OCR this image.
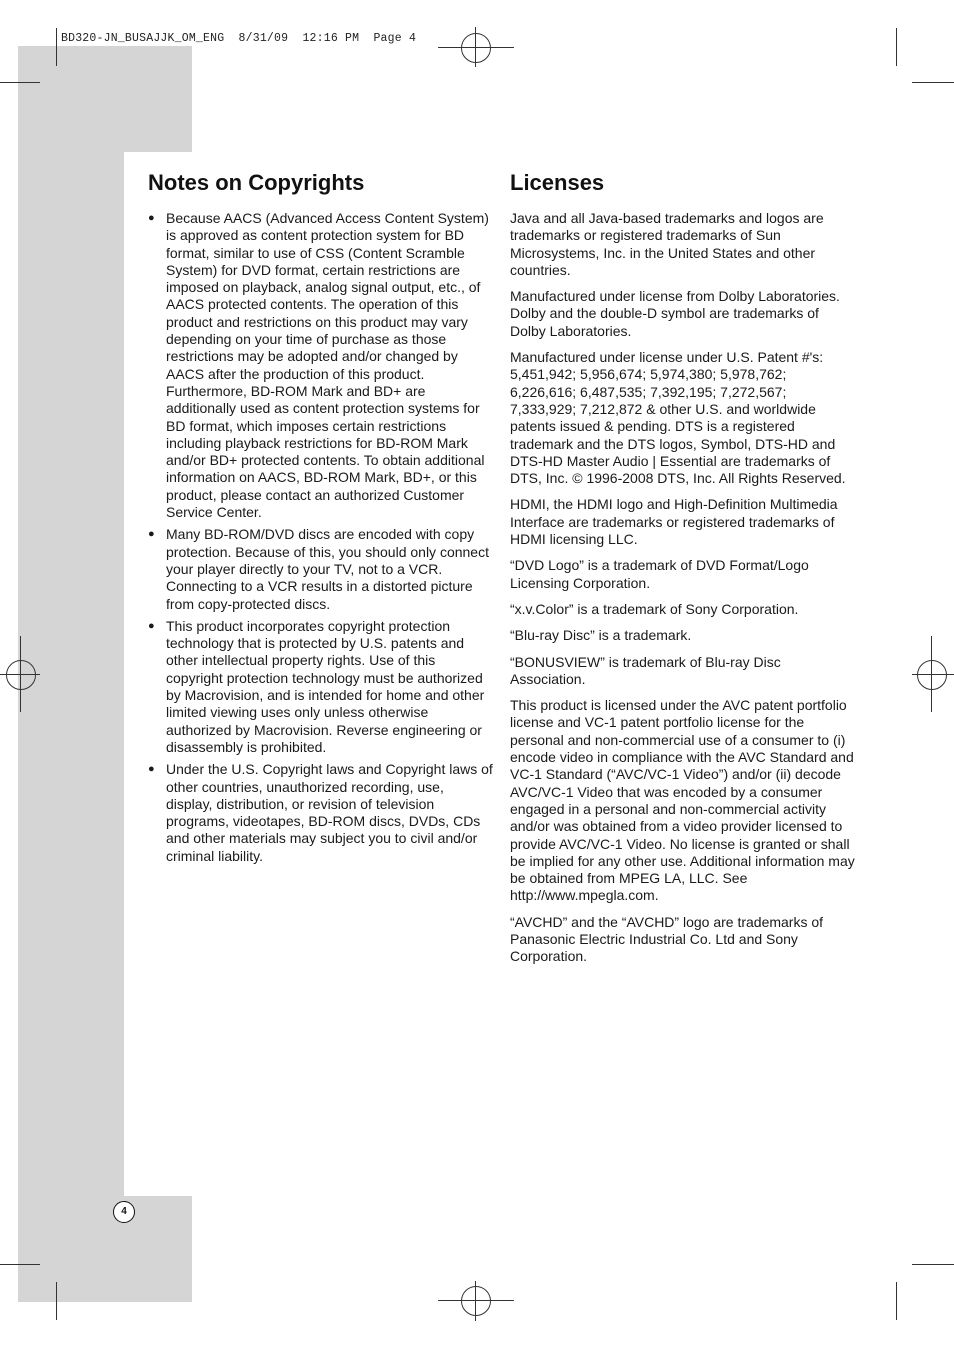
BD320-JN_BUSAJJK_OM_ENG  8/31/09  12:16 PM  Page 4
Notes on Copyrights
● Because AACS (Advanced Access Content System) is approved as content protection system for BD format, similar to use of CSS (Content Scramble System) for DVD format, certain restrictions are imposed on playback, analog signal output, etc., of AACS protected contents. The operation of this product and restrictions on this product may vary depending on your time of purchase as those restrictions may be adopted and/or changed by AACS after the production of this product.

Furthermore, BD-ROM Mark and BD+ are additionally used as content protection systems for BD format, which imposes certain restrictions including playback restrictions for BD-ROM Mark and/or BD+ protected contents. To obtain additional information on AACS, BD-ROM Mark, BD+, or this product, please contact an authorized Customer Service Center.

● Many BD-ROM/DVD discs are encoded with copy protection. Because of this, you should only connect your player directly to your TV, not to a VCR. Connecting to a VCR results in a distorted picture from copy-protected discs.

● This product incorporates copyright protection technology that is protected by U.S. patents and other intellectual property rights. Use of this copyright protection technology must be authorized by Macrovision, and is intended for home and other limited viewing uses only unless otherwise authorized by Macrovision. Reverse engineering or disassembly is prohibited.

● Under the U.S. Copyright laws and Copyright laws of other countries, unauthorized recording, use, display, distribution, or revision of television programs, videotapes, BD-ROM discs, DVDs, CDs and other materials may subject you to civil and/or criminal liability.

Licenses

Java and all Java-based trademarks and logos are trademarks or registered trademarks of Sun Microsystems, Inc. in the United States and other countries.

Manufactured under license from Dolby Laboratories. Dolby and the double-D symbol are trademarks of Dolby Laboratories.

Manufactured under license under U.S. Patent #'s: 5,451,942; 5,956,674; 5,974,380; 5,978,762; 6,226,616; 6,487,535; 7,392,195; 7,272,567; 7,333,929; 7,212,872 & other U.S. and worldwide patents issued & pending. DTS is a registered trademark and the DTS logos, Symbol, DTS-HD and DTS-HD Master Audio | Essential are trademarks of DTS, Inc. © 1996-2008 DTS, Inc. All Rights Reserved.

HDMI, the HDMI logo and High-Definition Multimedia Interface are trademarks or registered trademarks of HDMI licensing LLC.

“DVD Logo” is a trademark of DVD Format/Logo Licensing Corporation.

“x.v.Color” is a trademark of Sony Corporation.

“Blu-ray Disc” is a trademark.

“BONUSVIEW” is trademark of Blu-ray Disc Association.

This product is licensed under the AVC patent portfolio license and VC-1 patent portfolio license for the personal and non-commercial use of a consumer to (i) encode video in compliance with the AVC Standard and VC-1 Standard (“AVC/VC-1 Video”) and/or (ii) decode AVC/VC-1 Video that was encoded by a consumer engaged in a personal and non-commercial activity and/or was obtained from a video provider licensed to provide AVC/VC-1 Video. No license is granted or shall be implied for any other use. Additional information may be obtained from MPEG LA, LLC. See http://www.mpegla.com.

“AVCHD” and the “AVCHD” logo are trademarks of Panasonic Electric Industrial Co. Ltd and Sony Corporation.

4
